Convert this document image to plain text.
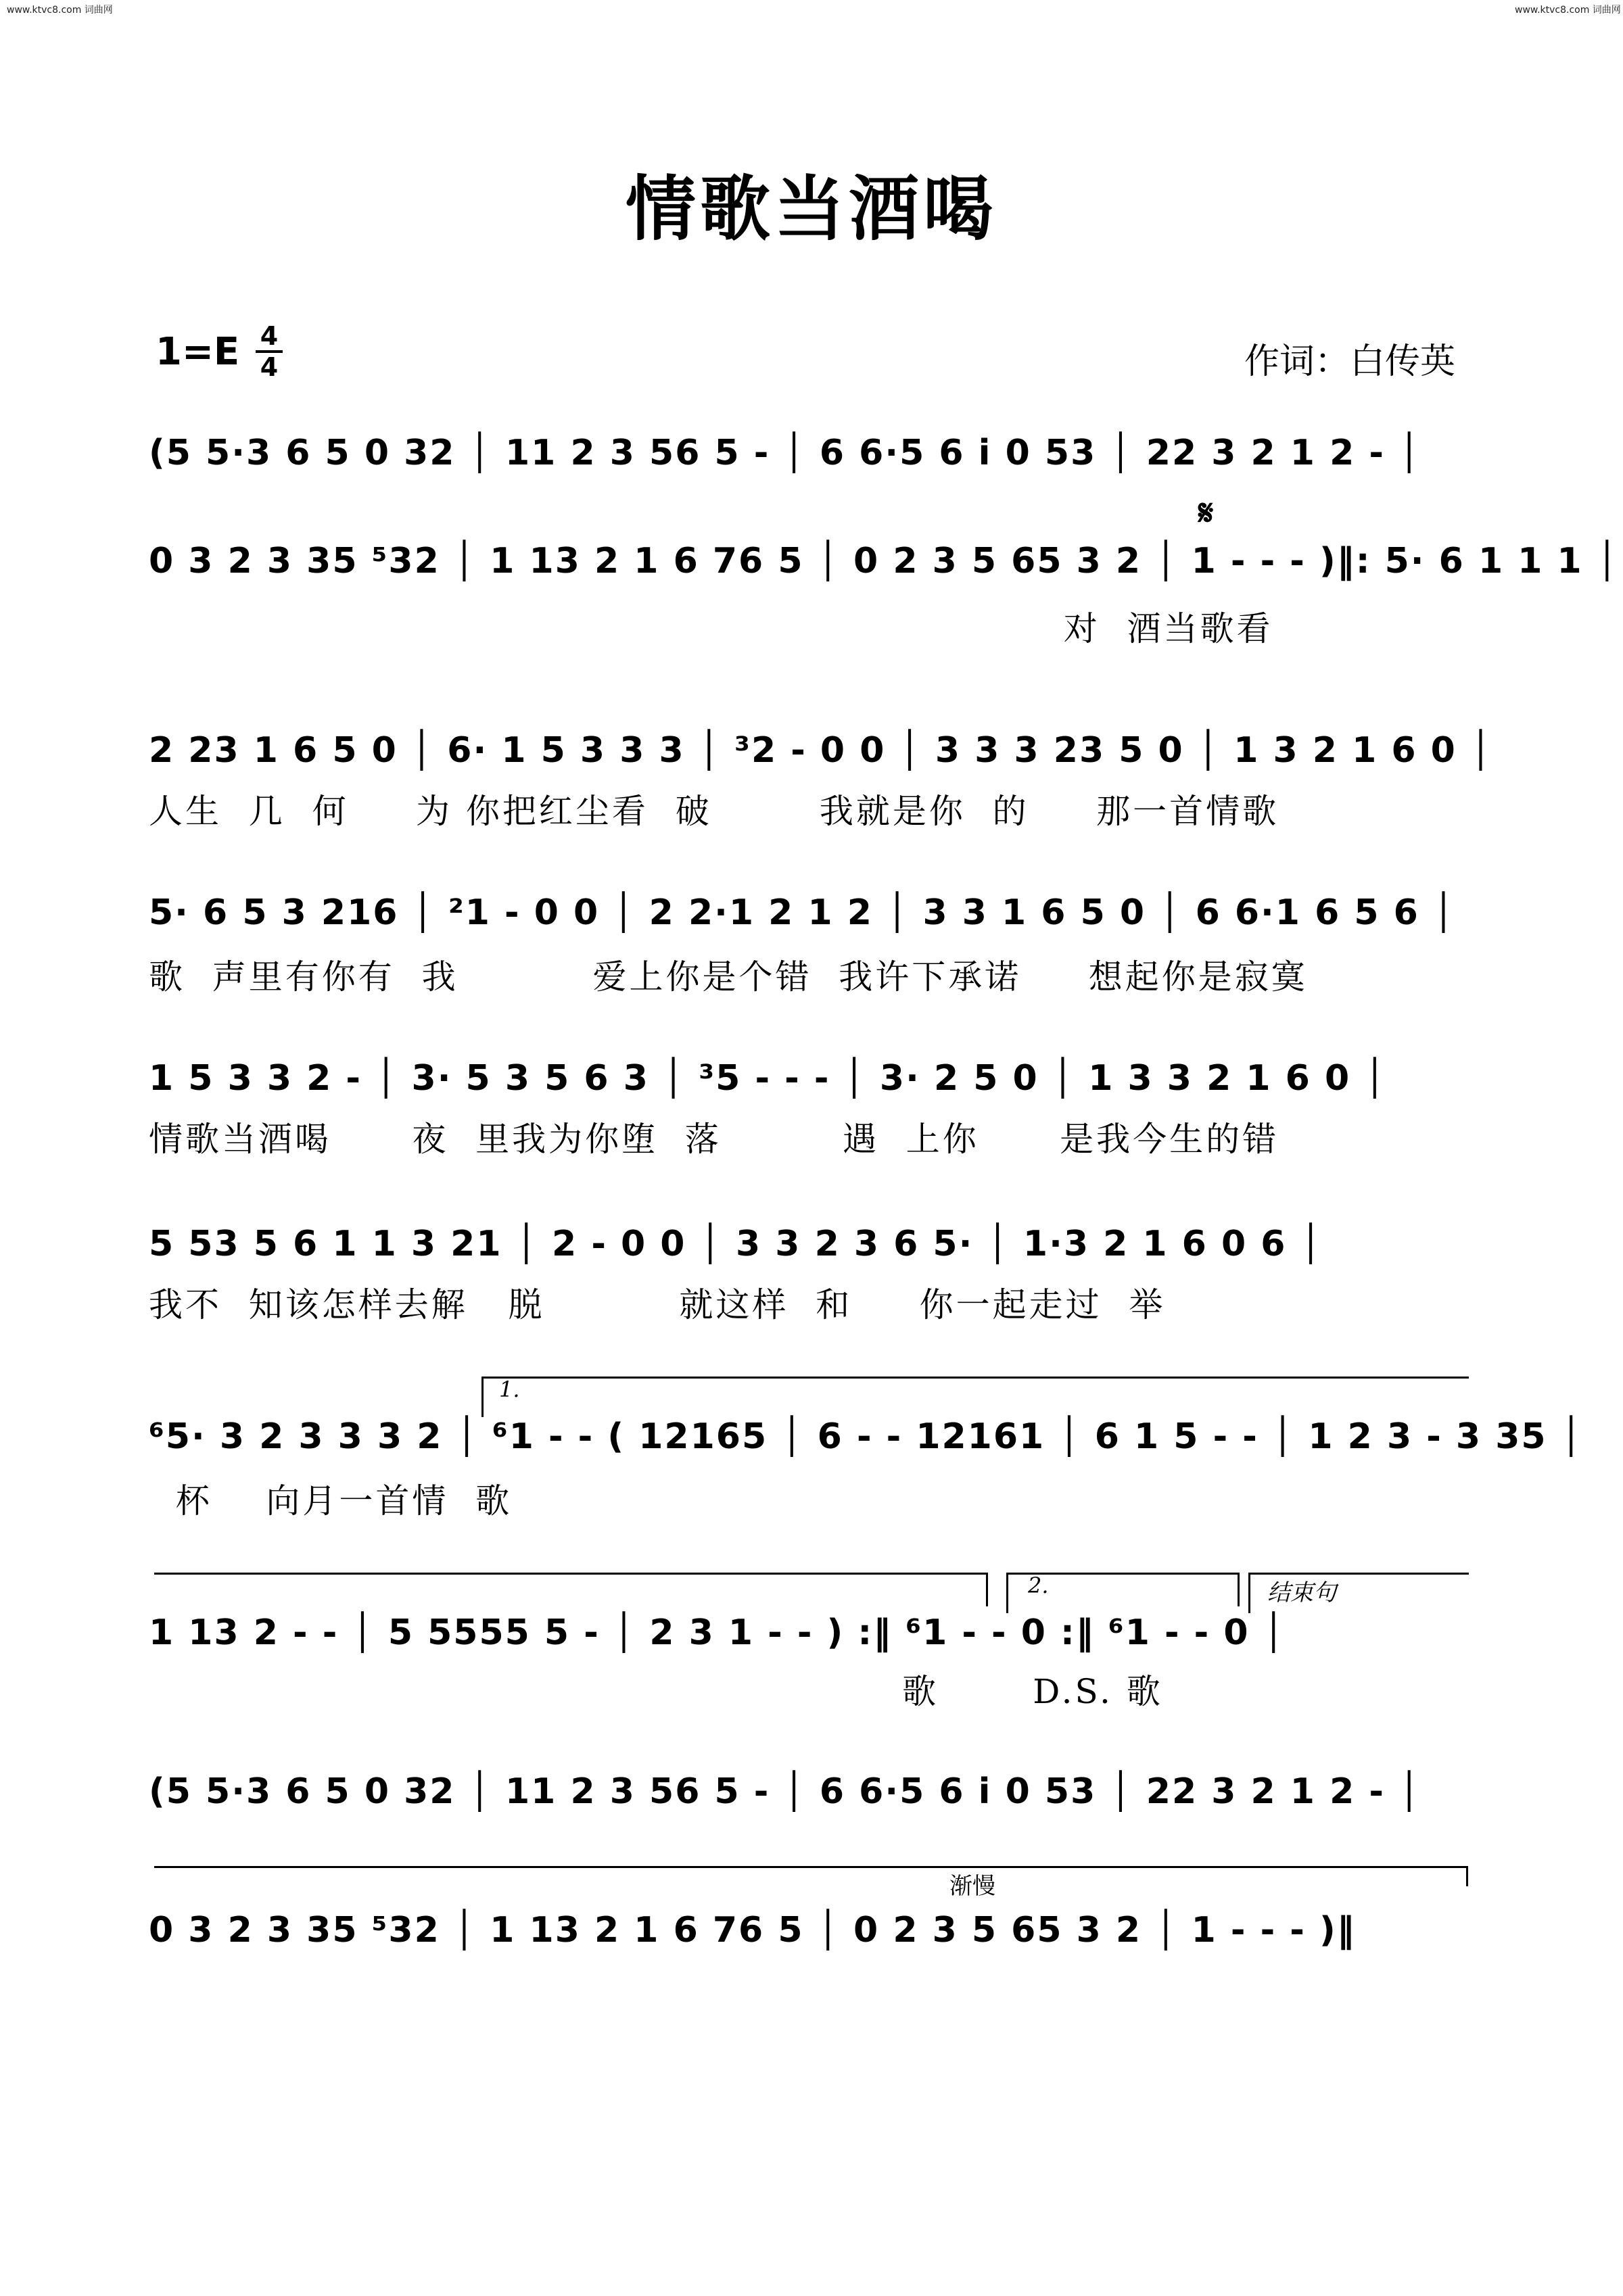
www.ktvc8.com 词曲网	www.ktvc8.com 词曲网
情歌当酒喝
1=E 4
4	作词：白传英
(5 5·3 6 5 0 32 │ 11 2 3 56 5 - │ 6 6·5 6 i 0 53 │ 22 3 2 1 2 - │
𝄋
0 3 2 3 35 ⁵32 │ 1 13 2 1 6 76 5 │ 0 2 3 5 65 3 2 │ 1 - - - )‖: 5· 6 1 1 1 │
对  酒当歌看
2 23 1 6 5 0 │ 6· 1 5 3 3 3 │ ³2 - 0 0 │ 3 3 3 23 5 0 │ 1 3 2 1 6 0 │
人生  几  何     为 你把红尘看  破        我就是你  的     那一首情歌
5· 6 5 3 216 │ ²1 - 0 0 │ 2 2·1 2 1 2 │ 3 3 1 6 5 0 │ 6 6·1 6 5 6 │
歌  声里有你有  我          爱上你是个错  我许下承诺     想起你是寂寞
1 5 3 3 2 - │ 3· 5 3 5 6 3 │ ³5 - - - │ 3· 2 5 0 │ 1 3 3 2 1 6 0 │
情歌当酒喝      夜  里我为你堕  落         遇  上你      是我今生的错
5 53 5 6 1 1 3 21 │ 2 - 0 0 │ 3 3 2 3 6 5· │ 1·3 2 1 6 0 6 │
我不  知该怎样去解   脱          就这样  和     你一起走过  举
1.
⁶5· 3 2 3 3 3 2 │ ⁶1 - - ( 12165 │ 6 - - 12161 │ 6 1 5 - - │ 1 2 3 - 3 35 │
杯    向月一首情  歌
2.	结束句
1 13 2 - - │ 5 5555 5 - │ 2 3 1 - - ) :‖ ⁶1 - - 0 :‖ ⁶1 - - 0 │
歌       D.S. 歌
(5 5·3 6 5 0 32 │ 11 2 3 56 5 - │ 6 6·5 6 i 0 53 │ 22 3 2 1 2 - │
渐慢
0 3 2 3 35 ⁵32 │ 1 13 2 1 6 76 5 │ 0 2 3 5 65 3 2 │ 1 - - - )‖
